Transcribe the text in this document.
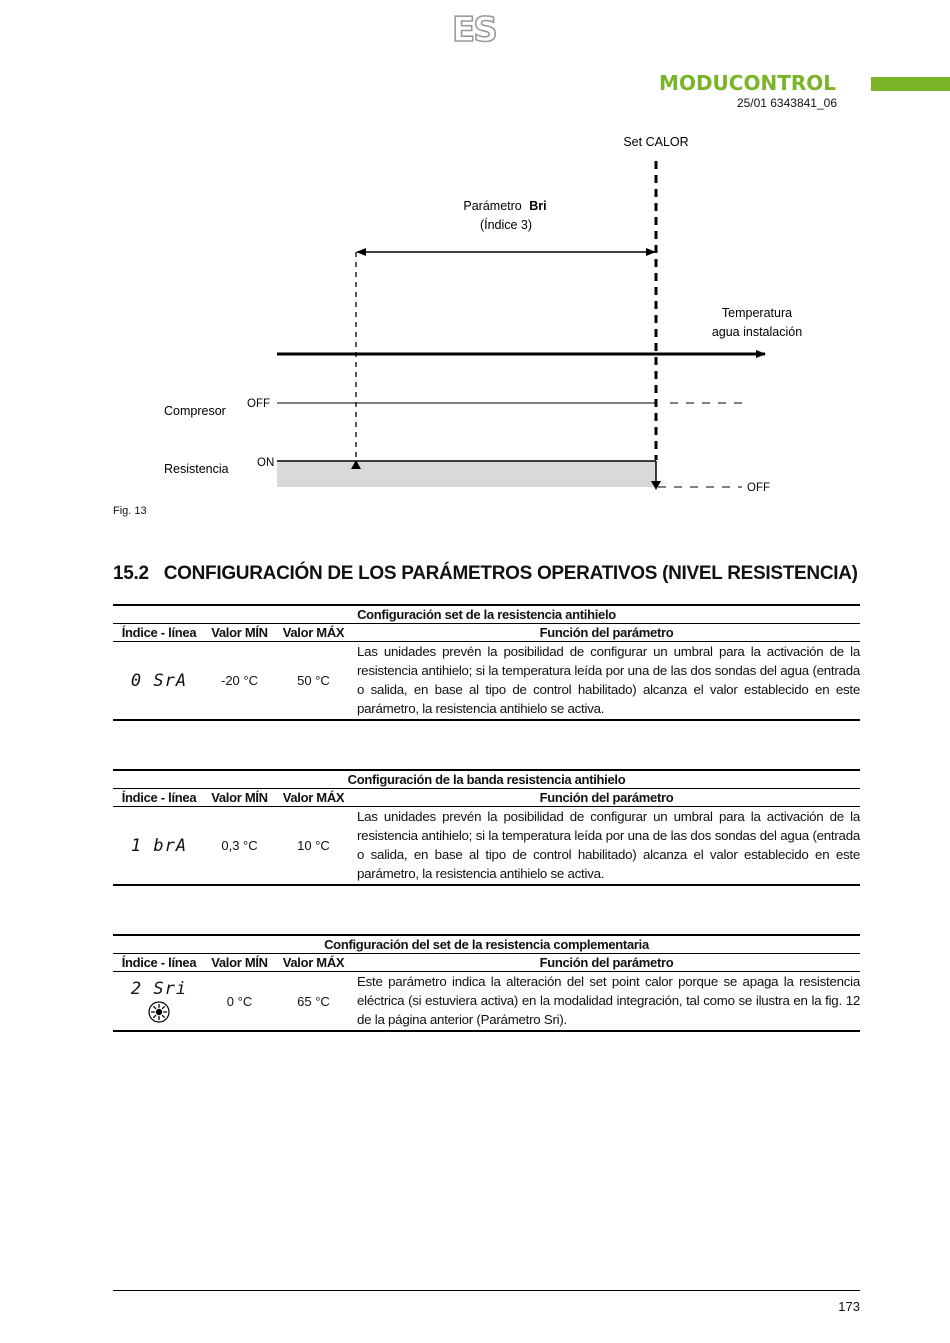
ES
MODUCONTROL
25/01 6343841_06
Set CALOR
Parámetro Bri
(Índice 3)
Temperatura
agua instalación
Compresor OFF
Resistencia ON
OFF
Fig. 13
15.2 CONFIGURACIÓN DE LOS PARÁMETROS OPERATIVOS (NIVEL RESISTENCIA)
Configuración set de la resistencia antihielo			
Índice - línea	Valor MÍN	Valor MÁX	Función del parámetro
0 SrA	-20 °C	50 °C	Las unidades prevén la posibilidad de configurar un umbral para la activación de la resistencia antihielo; si la temperatura leída por una de las dos sondas del agua (entrada o salida, en base al tipo de control habilitado) alcanza el valor establecido en este parámetro, la resistencia antihielo se activa.
Configuración de la banda resistencia antihielo			
Índice - línea	Valor MÍN	Valor MÁX	Función del parámetro
1 brA	0,3 °C	10 °C	Las unidades prevén la posibilidad de configurar un umbral para la activación de la resistencia antihielo; si la temperatura leída por una de las dos sondas del agua (entrada o salida, en base al tipo de control habilitado) alcanza el valor establecido en este parámetro, la resistencia antihielo se activa.
Configuración del set de la resistencia complementaria			
Índice - línea	Valor MÍN	Valor MÁX	Función del parámetro
2 Sri	0 °C	65 °C	Este parámetro indica la alteración del set point calor porque se apaga la resistencia eléctrica (si estuviera activa) en la modalidad integración, tal como se ilustra en la fig. 12 de la página anterior (Parámetro Sri).
173
